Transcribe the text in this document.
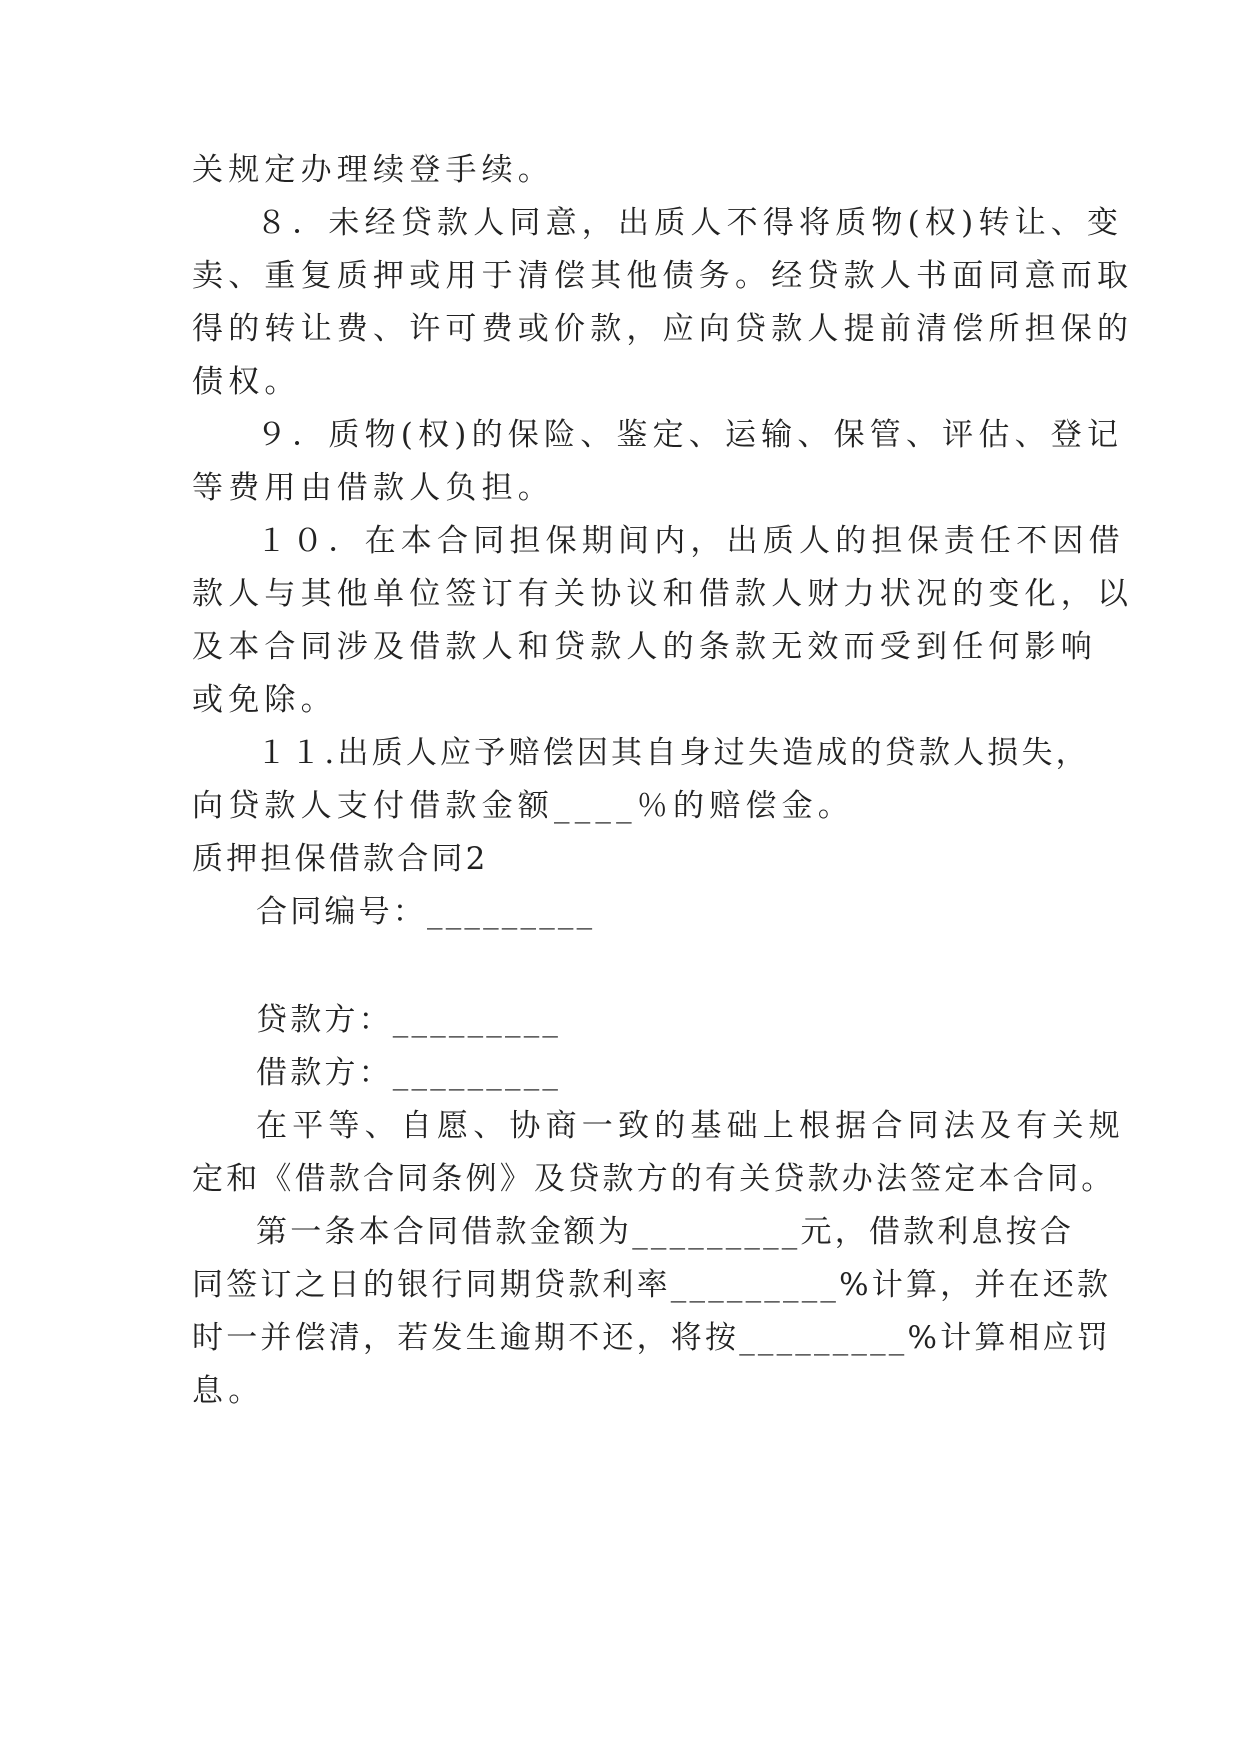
关规定办理续登手续。

８．未经贷款人同意，出质人不得将质物(权)转让、变

卖、重复质押或用于清偿其他债务。经贷款人书面同意而取

得的转让费、许可费或价款，应向贷款人提前清偿所担保的

债权。

９．质物(权)的保险、鉴定、运输、保管、评估、登记

等费用由借款人负担。

１０．在本合同担保期间内，出质人的担保责任不因借

款人与其他单位签订有关协议和借款人财力状况的变化，以

及本合同涉及借款人和贷款人的条款无效而受到任何影响

或免除。

１１.出质人应予赔偿因其自身过失造成的贷款人损失，

向贷款人支付借款金额____％的赔偿金。

质押担保借款合同2

合同编号：_________

贷款方：_________

借款方：_________

在平等、自愿、协商一致的基础上根据合同法及有关规

定和《借款合同条例》及贷款方的有关贷款办法签定本合同。

第一条本合同借款金额为_________元，借款利息按合

同签订之日的银行同期贷款利率_________%计算，并在还款

时一并偿清，若发生逾期不还，将按_________%计算相应罚

息。
